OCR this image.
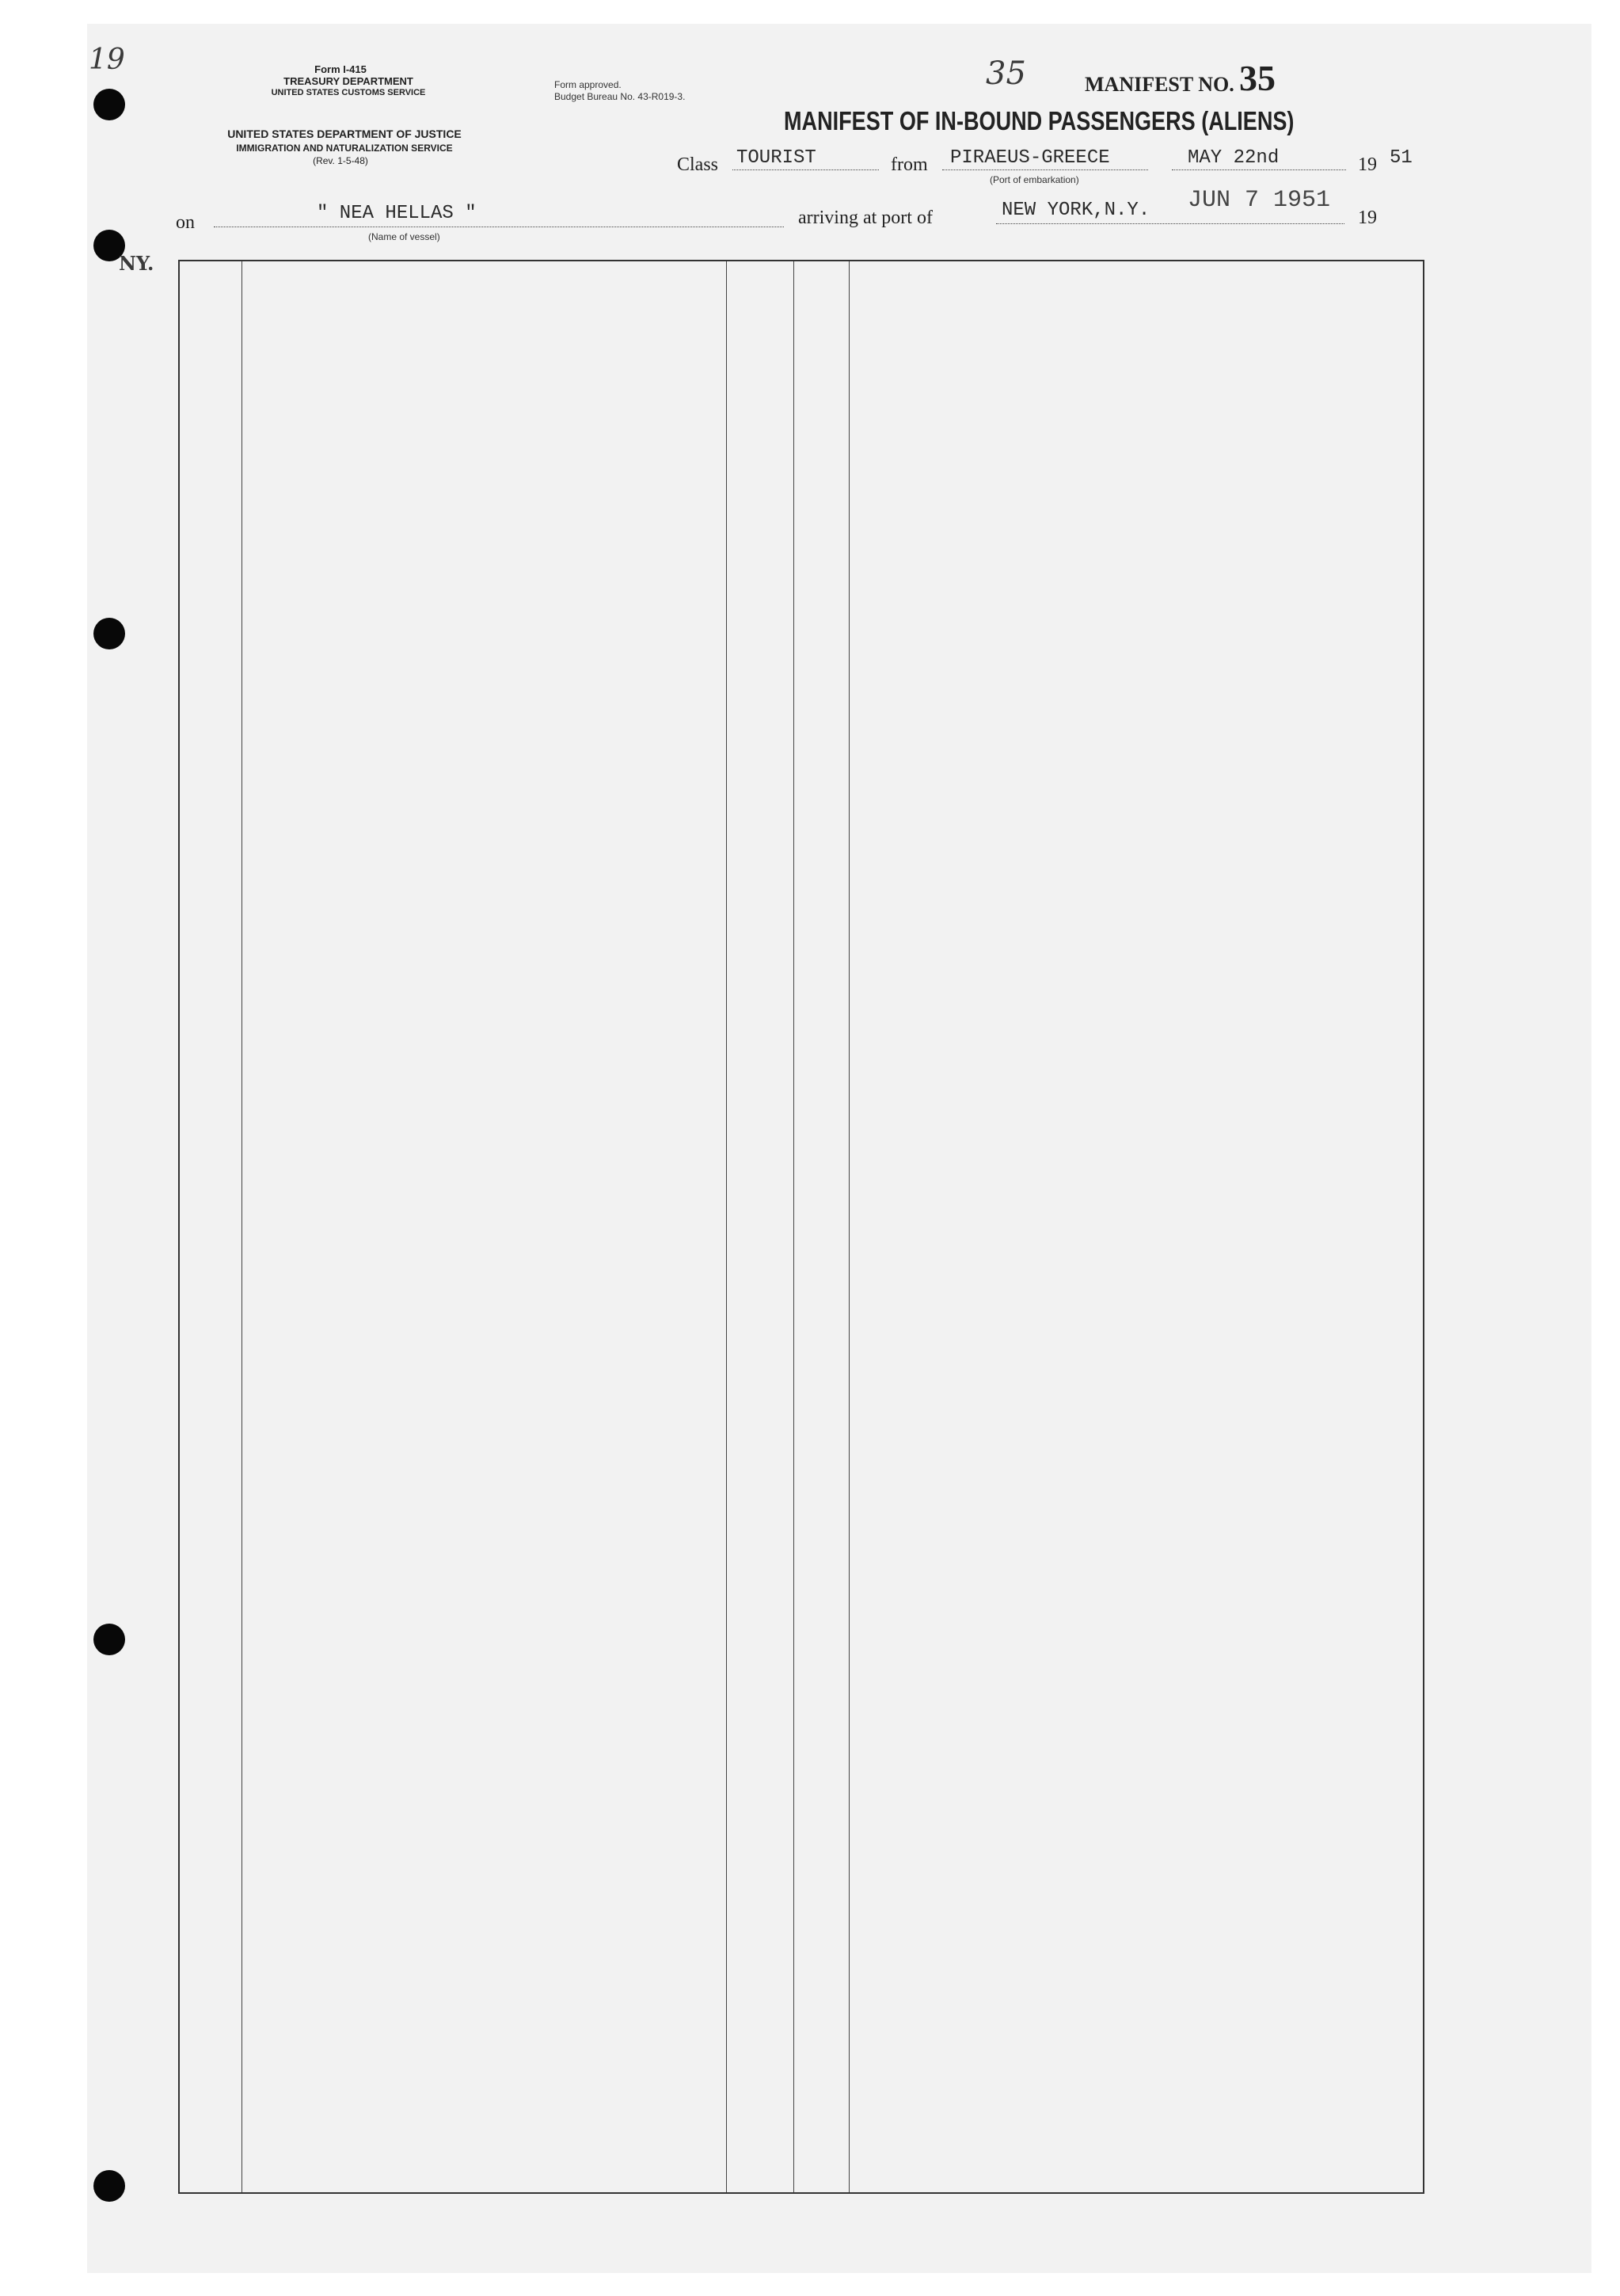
19	Form I-415
TREASURY DEPARTMENT
UNITED STATES CUSTOMS SERVICE
UNITED STATES DEPARTMENT OF JUSTICE
IMMIGRATION AND NATURALIZATION SERVICE
(Rev. 1-5-48)
Form approved.
Budget Bureau No. 43-R019-3.
35	MANIFEST NO. 35
MANIFEST OF IN-BOUND PASSENGERS (ALIENS)
Class TOURIST	from PIRAEUS-GREECE
(Port of embarkation)
MAY 22nd	19 51
NY.
on	" NEA HELLAS "
(Name of vessel)
arriving at port of	NEW YORK,N.Y. JUN 7 1951
19
